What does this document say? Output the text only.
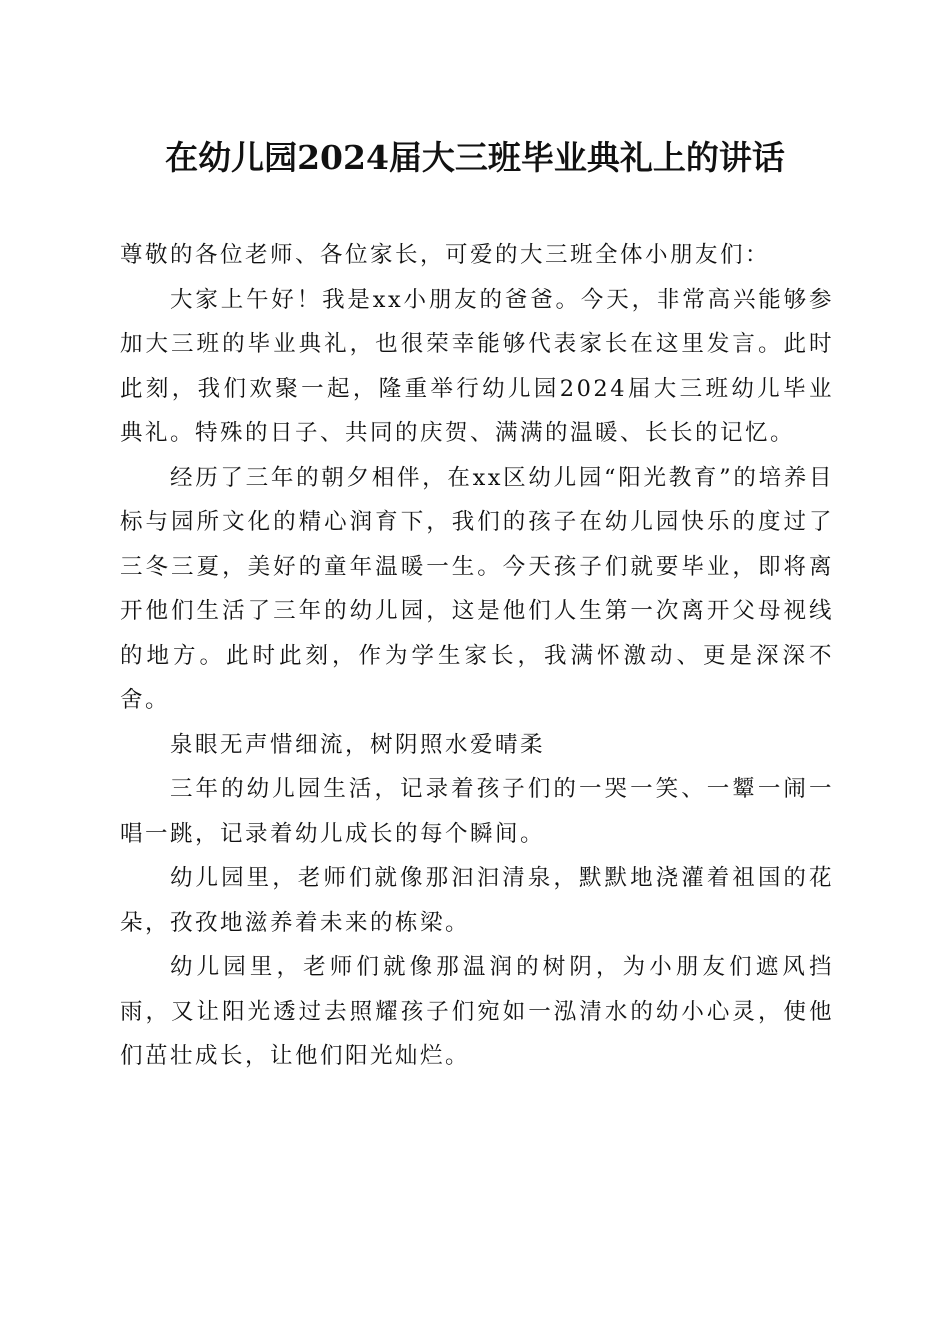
在幼儿园2024届大三班毕业典礼上的讲话

尊敬的各位老师、各位家长，可爱的大三班全体小朋友们：

大家上午好！我是xx小朋友的爸爸。今天，非常高兴能够参加大三班的毕业典礼，也很荣幸能够代表家长在这里发言。此时此刻，我们欢聚一起，隆重举行幼儿园2024届大三班幼儿毕业典礼。特殊的日子、共同的庆贺、满满的温暖、长长的记忆。

经历了三年的朝夕相伴，在xx区幼儿园“阳光教育”的培养目标与园所文化的精心润育下，我们的孩子在幼儿园快乐的度过了三冬三夏，美好的童年温暖一生。今天孩子们就要毕业，即将离开他们生活了三年的幼儿园，这是他们人生第一次离开父母视线的地方。此时此刻，作为学生家长，我满怀激动、更是深深不舍。

泉眼无声惜细流，树阴照水爱晴柔

三年的幼儿园生活，记录着孩子们的一哭一笑、一颦一闹一唱一跳，记录着幼儿成长的每个瞬间。

幼儿园里，老师们就像那汩汩清泉，默默地浇灌着祖国的花朵，孜孜地滋养着未来的栋梁。

幼儿园里，老师们就像那温润的树阴，为小朋友们遮风挡雨，又让阳光透过去照耀孩子们宛如一泓清水的幼小心灵，使他们茁壮成长，让他们阳光灿烂。
